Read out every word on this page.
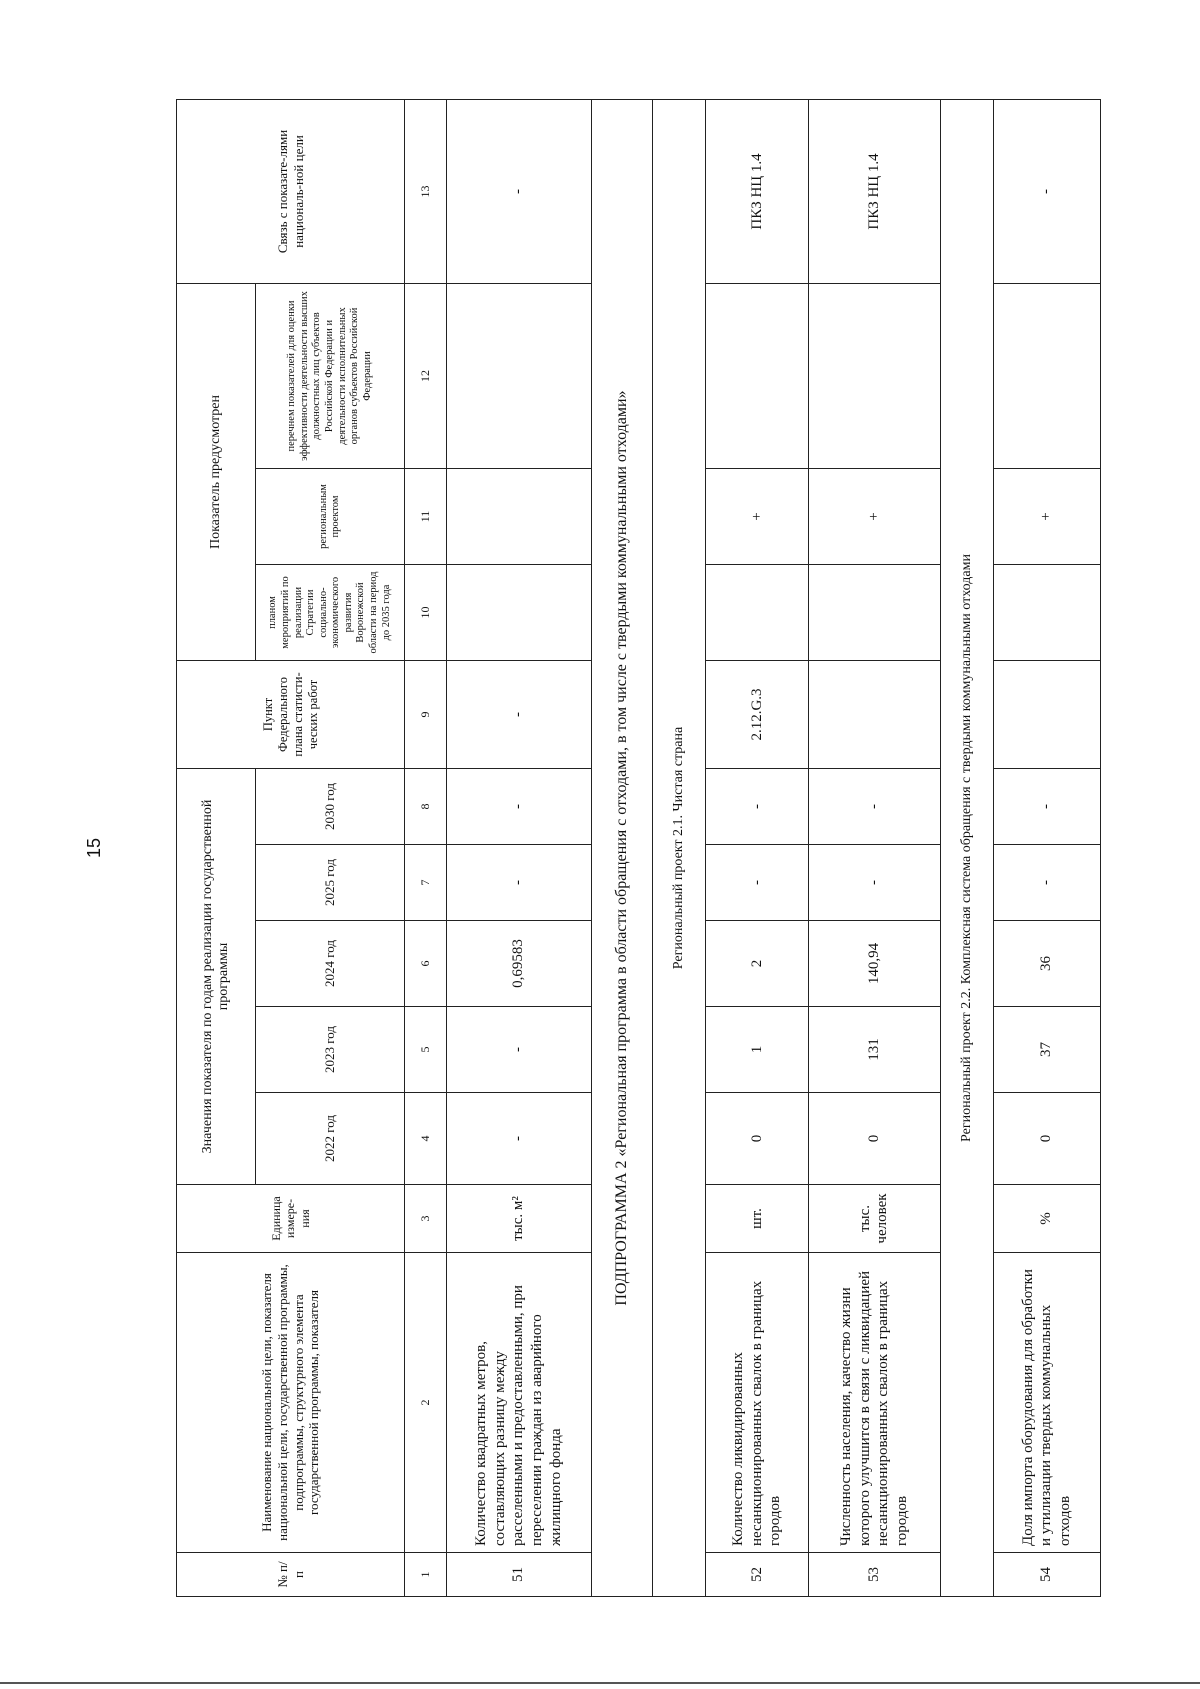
15
№ п/п	Наименование национальной цели, показателя национальной цели, государственной программы, подпрограммы, структурного элемента государственной программы, показателя	Единица измере-ния	Значения показателя по годам реализации государственной программы					Пункт Федерального плана статисти-ческих работ	Показатель предусмотрен			Связь с показате-лями националь-ной цели
			2022 год	2023 год	2024 год	2025 год	2030 год		планом мероприятий по реализации Стратегии социально-экономического развития Воронежской области на период до 2035 года	региональным проектом	перечнем показателей для оценки эффективности деятельности высших должностных лиц субъектов Российской Федерации и деятельности исполнительных органов субъектов Российской Федерации	
1	2	3	4	5	6	7	8	9	10	11	12	13
51	Количество квадратных метров, составляющих разницу между расселенными и предоставленными, при переселении граждан из аварийного жилищного фонда	тыс. м²	-	-	0,69583	-	-	-				-
ПОДПРОГРАММА 2 «Региональная программа в области обращения с отходами, в том числе с твердыми коммунальными отходами»												
Региональный проект 2.1. Чистая страна												
52	Количество ликвидированных несанкционированных свалок в границах городов	шт.	0	1	2	-	-	2.12.G.3		+		ПКЗ НЦ 1.4
53	Численность населения, качество жизни которого улучшится в связи с ликвидацией несанкционированных свалок в границах городов	тыс. человек	0	131	140,94	-	-			+		ПКЗ НЦ 1.4
Региональный проект 2.2. Комплексная система обращения с твердыми коммунальными отходами												
54	Доля импорта оборудования для обработки и утилизации твердых коммунальных отходов	%	0	37	36	-	-			+		-
